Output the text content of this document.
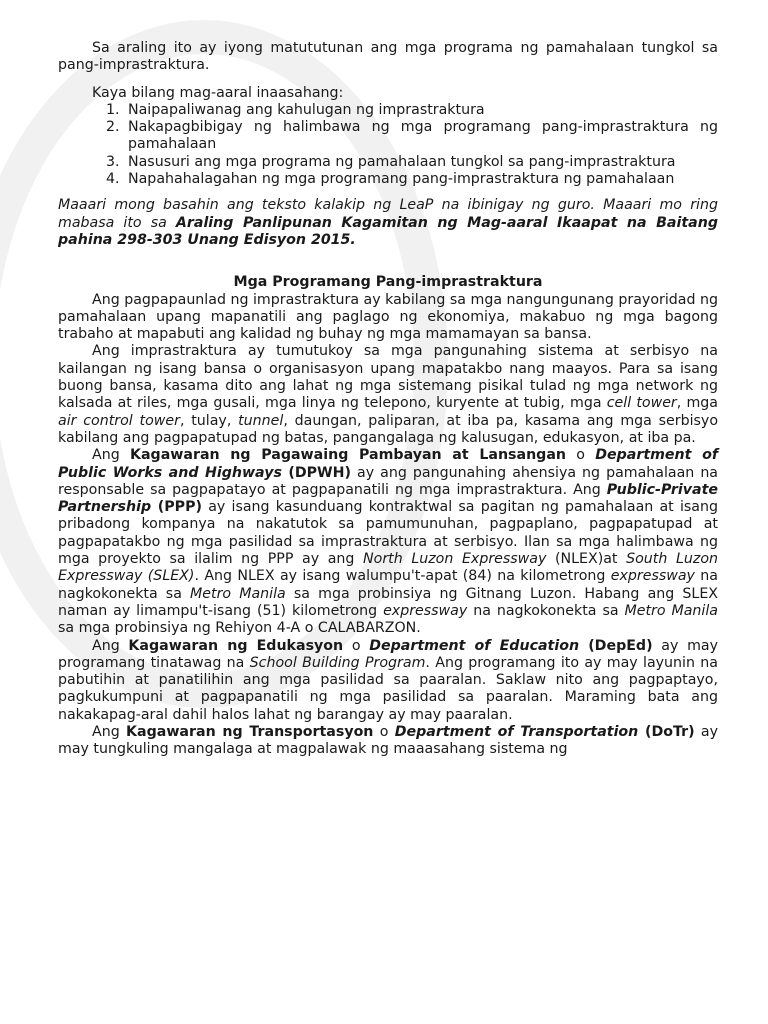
Sa araling ito ay iyong matututunan ang mga programa ng pamahalaan tungkol sa pang-imprastraktura.

Kaya bilang mag-aaral inaasahang:

1. Naipapaliwanag ang kahulugan ng imprastraktura
2. Nakapagbibigay ng halimbawa ng mga programang pang-imprastraktura ng pamahalaan
3. Nasusuri ang mga programa ng pamahalaan tungkol sa pang-imprastraktura
4. Napahahalagahan ng mga programang pang-imprastraktura ng pamahalaan

Maaari mong basahin ang teksto kalakip ng LeaP na ibinigay ng guro. Maaari mo ring mabasa ito sa Araling Panlipunan Kagamitan ng Mag-aaral Ikaapat na Baitang pahina 298-303 Unang Edisyon 2015.

Mga Programang Pang-imprastraktura

Ang pagpapaunlad ng imprastraktura ay kabilang sa mga nangungunang prayoridad ng pamahalaan upang mapanatili ang paglago ng ekonomiya, makabuo ng mga bagong trabaho at mapabuti ang kalidad ng buhay ng mga mamamayan sa bansa.

Ang imprastraktura ay tumutukoy sa mga pangunahing sistema at serbisyo na kailangan ng isang bansa o organisasyon upang mapatakbo nang maayos. Para sa isang buong bansa, kasama dito ang lahat ng mga sistemang pisikal tulad ng mga network ng kalsada at riles, mga gusali, mga linya ng telepono, kuryente at tubig, mga cell tower, mga air control tower, tulay, tunnel, daungan, paliparan, at iba pa, kasama ang mga serbisyo kabilang ang pagpapatupad ng batas, pangangalaga ng kalusugan, edukasyon, at iba pa.

Ang Kagawaran ng Pagawaing Pambayan at Lansangan o Department of Public Works and Highways (DPWH) ay ang pangunahing ahensiya ng pamahalaan na responsable sa pagpapatayo at pagpapanatili ng mga imprastraktura. Ang Public-Private Partnership (PPP) ay isang kasunduang kontraktwal sa pagitan ng pamahalaan at isang pribadong kompanya na nakatutok sa pamumunuhan, pagpaplano, pagpapatupad at pagpapatakbo ng mga pasilidad sa imprastraktura at serbisyo. Ilan sa mga halimbawa ng mga proyekto sa ilalim ng PPP ay ang North Luzon Expressway (NLEX)at South Luzon Expressway (SLEX). Ang NLEX ay isang walumpu't-apat (84) na kilometrong expressway na nagkokonekta sa Metro Manila sa mga probinsiya ng Gitnang Luzon. Habang ang SLEX naman ay limampu't-isang (51) kilometrong expressway na nagkokonekta sa Metro Manila sa mga probinsiya ng Rehiyon 4-A o CALABARZON.

Ang Kagawaran ng Edukasyon o Department of Education (DepEd) ay may programang tinatawag na School Building Program. Ang programang ito ay may layunin na pabutihin at panatilihin ang mga pasilidad sa paaralan. Saklaw nito ang pagpaptayo, pagkukumpuni at pagpapanatili ng mga pasilidad sa paaralan. Maraming bata ang nakakapag-aral dahil halos lahat ng barangay ay may paaralan.

Ang Kagawaran ng Transportasyon o Department of Transportation (DoTr) ay may tungkuling mangalaga at magpalawak ng maaasahang sistema ng
